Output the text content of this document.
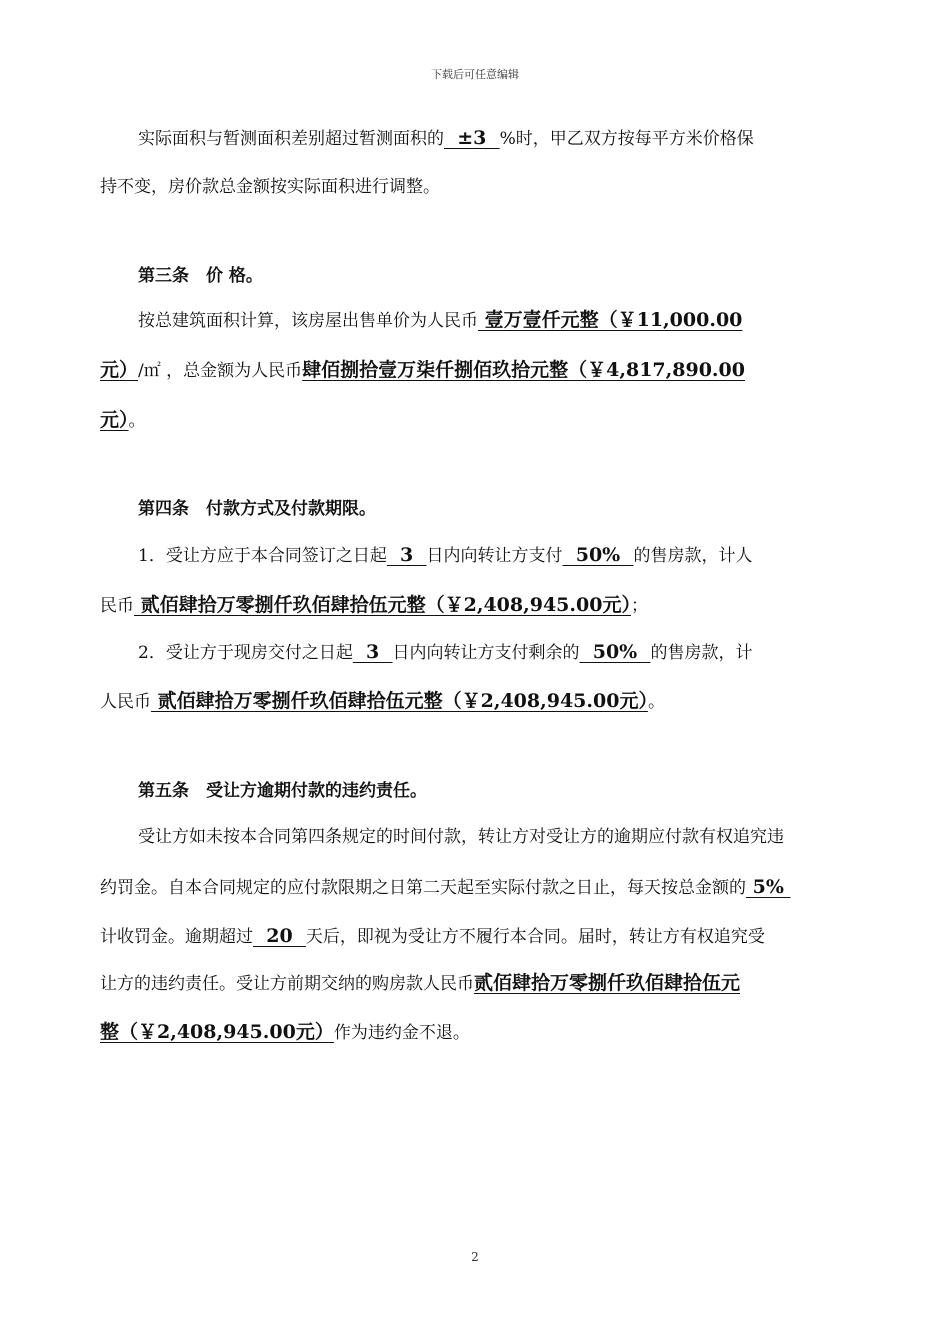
下载后可任意编辑
实际面积与暂测面积差别超过暂测面积的  ±3  %时，甲乙双方按每平方米价格保
持不变，房价款总金额按实际面积进行调整。
第三条　价 格。
按总建筑面积计算，该房屋出售单价为人民币 壹万壹仟元整（￥11,000.00
元）/㎡ ，总金额为人民币肆佰捌拾壹万柒仟捌佰玖拾元整（￥4,817,890.00
元）。
第四条　付款方式及付款期限。
1．受让方应于本合同签订之日起  3  日内向转让方支付  50%  的售房款，计人
民币 贰佰肆拾万零捌仟玖佰肆拾伍元整（￥2,408,945.00元）；
2．受让方于现房交付之日起  3  日内向转让方支付剩余的  50%  的售房款，计
人民币 贰佰肆拾万零捌仟玖佰肆拾伍元整（￥2,408,945.00元）。
第五条　受让方逾期付款的违约责任。
受让方如未按本合同第四条规定的时间付款，转让方对受让方的逾期应付款有权追究违
约罚金。自本合同规定的应付款限期之日第二天起至实际付款之日止，每天按总金额的 5%
计收罚金。逾期超过  20  天后，即视为受让方不履行本合同。届时，转让方有权追究受
让方的违约责任。受让方前期交纳的购房款人民币贰佰肆拾万零捌仟玖佰肆拾伍元
整（￥2,408,945.00元）作为违约金不退。
2
